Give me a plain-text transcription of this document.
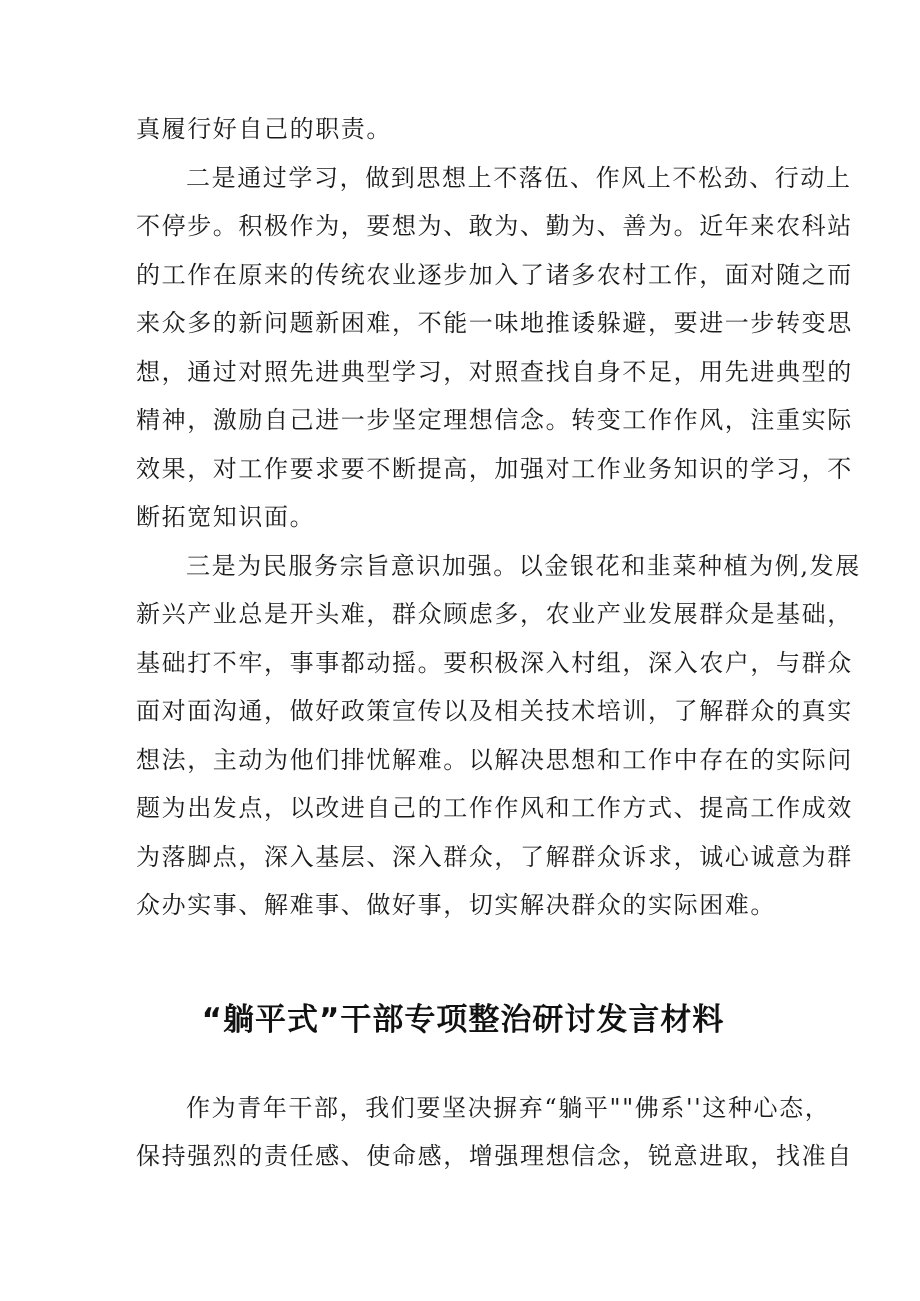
真履行好自己的职责。
二是通过学习，做到思想上不落伍、作风上不松劲、行动上
不停步。积极作为，要想为、敢为、勤为、善为。近年来农科站
的工作在原来的传统农业逐步加入了诸多农村工作，面对随之而
来众多的新问题新困难，不能一味地推诿躲避，要进一步转变思
想，通过对照先进典型学习，对照查找自身不足，用先进典型的
精神，激励自己进一步坚定理想信念。转变工作作风，注重实际
效果，对工作要求要不断提高，加强对工作业务知识的学习，不
断拓宽知识面。
三是为民服务宗旨意识加强。以金银花和韭菜种植为例,发展
新兴产业总是开头难，群众顾虑多，农业产业发展群众是基础，
基础打不牢，事事都动摇。要积极深入村组，深入农户，与群众
面对面沟通，做好政策宣传以及相关技术培训，了解群众的真实
想法，主动为他们排忧解难。以解决思想和工作中存在的实际问
题为出发点，以改进自己的工作作风和工作方式、提高工作成效
为落脚点，深入基层、深入群众，了解群众诉求，诚心诚意为群
众办实事、解难事、做好事，切实解决群众的实际困难。
“躺平式”干部专项整治研讨发言材料
作为青年干部，我们要坚决摒弃“躺平""佛系''这种心态，
保持强烈的责任感、使命感，增强理想信念，锐意进取，找准自
